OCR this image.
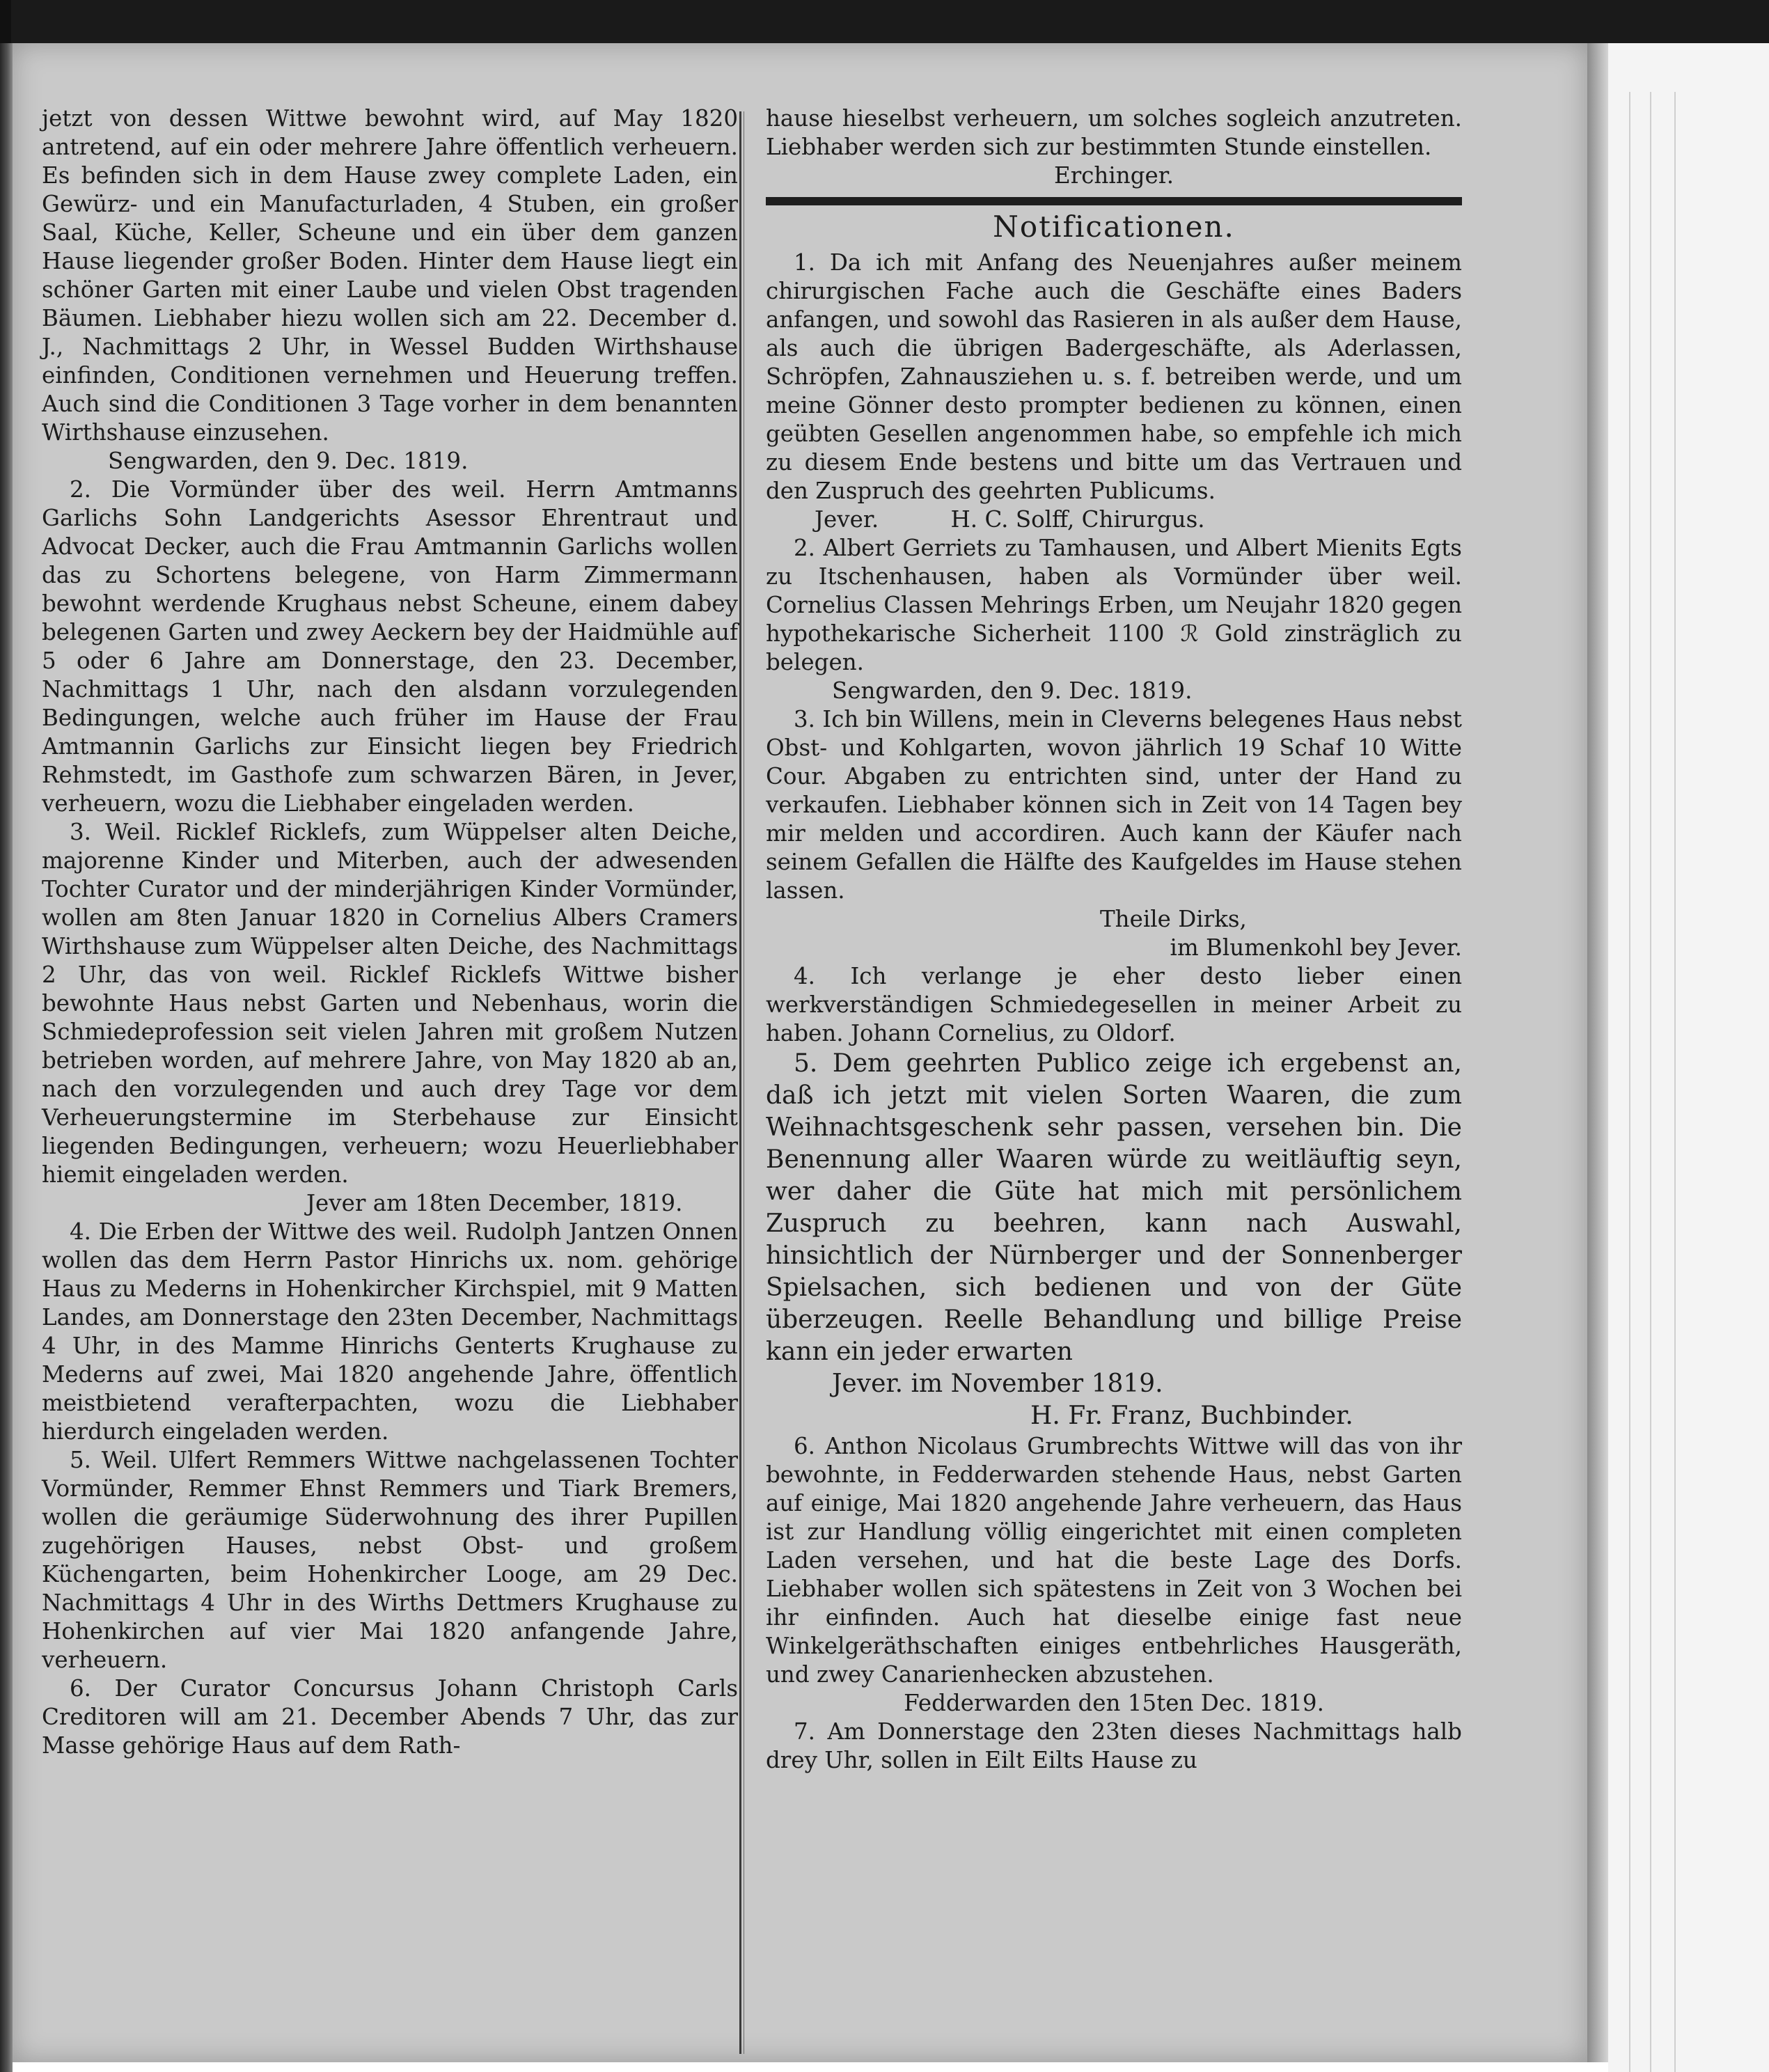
jetzt von dessen Wittwe bewohnt wird, auf May 1820 antretend, auf ein oder mehrere Jahre öffentlich verheuern. Es befinden sich in dem Hause zwey complete Laden, ein Gewürz- und ein Manufacturladen, 4 Stuben, ein großer Saal, Küche, Keller, Scheune und ein über dem ganzen Hause liegender großer Boden. Hinter dem Hause liegt ein schöner Garten mit einer Laube und vielen Obst tragenden Bäumen. Liebhaber hiezu wollen sich am 22. December d. J., Nachmittags 2 Uhr, in Wessel Budden Wirthshause einfinden, Conditionen vernehmen und Heuerung treffen. Auch sind die Conditionen 3 Tage vorher in dem benannten Wirthshause einzusehen.

Sengwarden, den 9. Dec. 1819.

2. Die Vormünder über des weil. Herrn Amtmanns Garlichs Sohn Landgerichts Asessor Ehrentraut und Advocat Decker, auch die Frau Amtmannin Garlichs wollen das zu Schortens belegene, von Harm Zimmermann bewohnt werdende Krughaus nebst Scheune, einem dabey belegenen Garten und zwey Aeckern bey der Haidmühle auf 5 oder 6 Jahre am Donnerstage, den 23. December, Nachmittags 1 Uhr, nach den alsdann vorzulegenden Bedingungen, welche auch früher im Hause der Frau Amtmannin Garlichs zur Einsicht liegen bey Friedrich Rehmstedt, im Gasthofe zum schwarzen Bären, in Jever, verheuern, wozu die Liebhaber eingeladen werden.

3. Weil. Ricklef Ricklefs, zum Wüppelser alten Deiche, majorenne Kinder und Miterben, auch der adwesenden Tochter Curator und der minderjährigen Kinder Vormünder, wollen am 8ten Januar 1820 in Cornelius Albers Cramers Wirthshause zum Wüppelser alten Deiche, des Nachmittags 2 Uhr, das von weil. Ricklef Ricklefs Wittwe bisher bewohnte Haus nebst Garten und Nebenhaus, worin die Schmiedeprofession seit vielen Jahren mit großem Nutzen betrieben worden, auf mehrere Jahre, von May 1820 ab an, nach den vorzulegenden und auch drey Tage vor dem Verheuerungstermine im Sterbehause zur Einsicht liegenden Bedingungen, verheuern; wozu Heuerliebhaber hiemit eingeladen werden.

Jever am 18ten December, 1819.

4. Die Erben der Wittwe des weil. Rudolph Jantzen Onnen wollen das dem Herrn Pastor Hinrichs ux. nom. gehörige Haus zu Mederns in Hohenkircher Kirchspiel, mit 9 Matten Landes, am Donnerstage den 23ten December, Nachmittags 4 Uhr, in des Mamme Hinrichs Genterts Krughause zu Mederns auf zwei, Mai 1820 angehende Jahre, öffentlich meistbietend verafterpachten, wozu die Liebhaber hierdurch eingeladen werden.

5. Weil. Ulfert Remmers Wittwe nachgelassenen Tochter Vormünder, Remmer Ehnst Remmers und Tiark Bremers, wollen die geräumige Süderwohnung des ihrer Pupillen zugehörigen Hauses, nebst Obst- und großem Küchengarten, beim Hohenkircher Looge, am 29 Dec. Nachmittags 4 Uhr in des Wirths Dettmers Krughause zu Hohenkirchen auf vier Mai 1820 anfangende Jahre, verheuern.

6. Der Curator Concursus Johann Christoph Carls Creditoren will am 21. December Abends 7 Uhr, das zur Masse gehörige Haus auf dem Rath-

hause hieselbst verheuern, um solches sogleich anzutreten. Liebhaber werden sich zur bestimmten Stunde einstellen.

Erchinger.

Notificationen.

1. Da ich mit Anfang des Neuenjahres außer meinem chirurgischen Fache auch die Geschäfte eines Baders anfangen, und sowohl das Rasieren in als außer dem Hause, als auch die übrigen Badergeschäfte, als Aderlassen, Schröpfen, Zahnausziehen u. s. f. betreiben werde, und um meine Gönner desto prompter bedienen zu können, einen geübten Gesellen angenommen habe, so empfehle ich mich zu diesem Ende bestens und bitte um das Vertrauen und den Zuspruch des geehrten Publicums.

Jever.          H. C. Solff, Chirurgus.

2. Albert Gerriets zu Tamhausen, und Albert Mienits Egts zu Itschenhausen, haben als Vormünder über weil. Cornelius Classen Mehrings Erben, um Neujahr 1820 gegen hypothekarische Sicherheit 1100 ℛ Gold zinsträglich zu belegen.

Sengwarden, den 9. Dec. 1819.

3. Ich bin Willens, mein in Cleverns belegenes Haus nebst Obst- und Kohlgarten, wovon jährlich 19 Schaf 10 Witte Cour. Abgaben zu entrichten sind, unter der Hand zu verkaufen. Liebhaber können sich in Zeit von 14 Tagen bey mir melden und accordiren. Auch kann der Käufer nach seinem Gefallen die Hälfte des Kaufgeldes im Hause stehen lassen.

Theile Dirks,

im Blumenkohl bey Jever.

4. Ich verlange je eher desto lieber einen werkverständigen Schmiedegesellen in meiner Arbeit zu haben. Johann Cornelius, zu Oldorf.

5. Dem geehrten Publico zeige ich ergebenst an, daß ich jetzt mit vielen Sorten Waaren, die zum Weihnachtsgeschenk sehr passen, versehen bin. Die Benennung aller Waaren würde zu weitläuftig seyn, wer daher die Güte hat mich mit persönlichem Zuspruch zu beehren, kann nach Auswahl, hinsichtlich der Nürnberger und der Sonnenberger Spielsachen, sich bedienen und von der Güte überzeugen. Reelle Behandlung und billige Preise kann ein jeder erwarten

Jever. im November 1819.

H. Fr. Franz, Buchbinder.

6. Anthon Nicolaus Grumbrechts Wittwe will das von ihr bewohnte, in Fedderwarden stehende Haus, nebst Garten auf einige, Mai 1820 angehende Jahre verheuern, das Haus ist zur Handlung völlig eingerichtet mit einen completen Laden versehen, und hat die beste Lage des Dorfs. Liebhaber wollen sich spätestens in Zeit von 3 Wochen bei ihr einfinden. Auch hat dieselbe einige fast neue Winkelgeräthschaften einiges entbehrliches Hausgeräth, und zwey Canarienhecken abzustehen.

Fedderwarden den 15ten Dec. 1819.

7. Am Donnerstage den 23ten dieses Nachmittags halb drey Uhr, sollen in Eilt Eilts Hause zu
